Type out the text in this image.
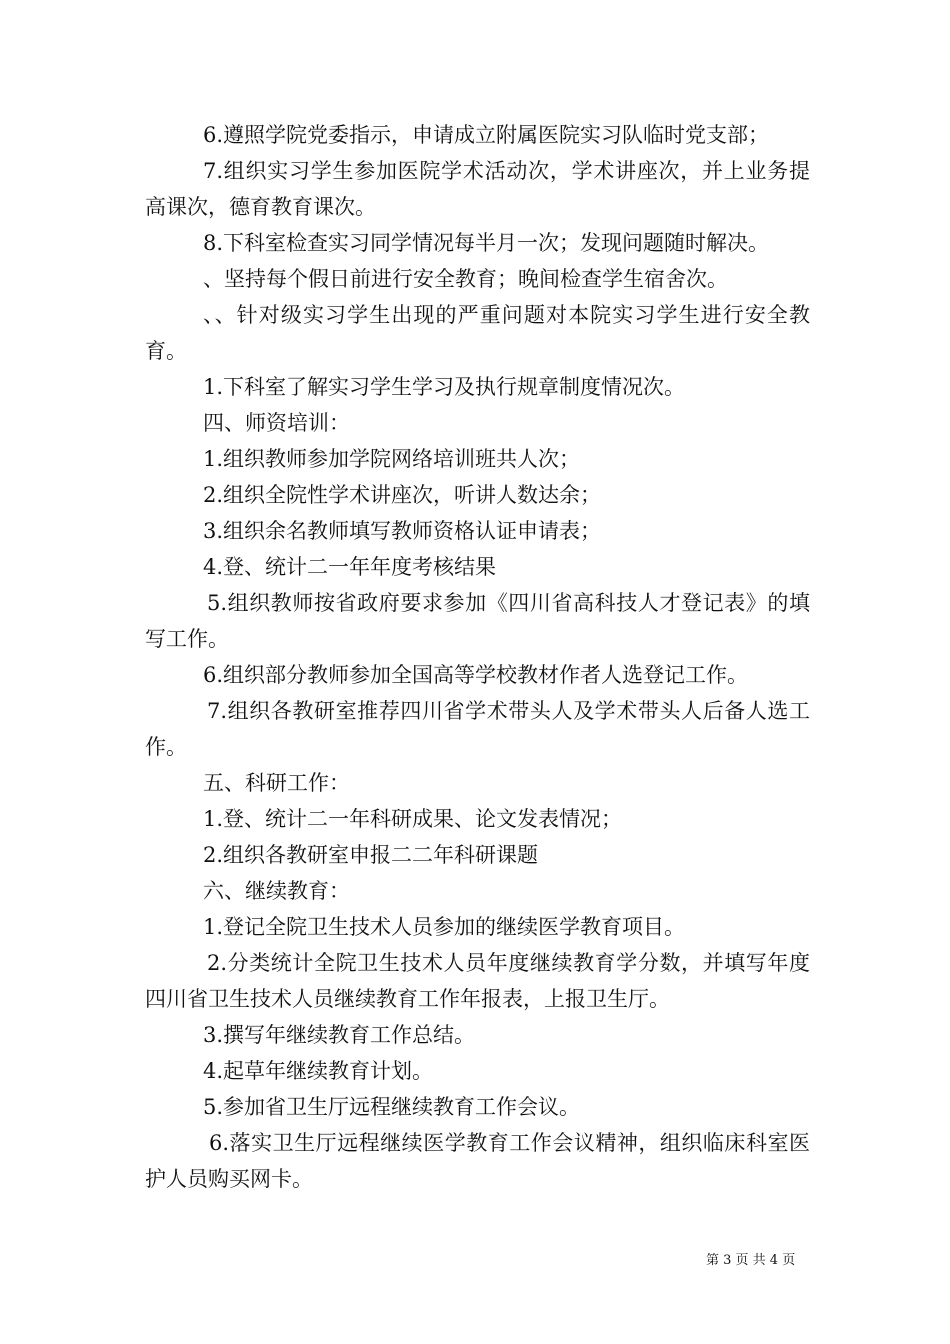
6.遵照学院党委指示，申请成立附属医院实习队临时党支部；

7.组织实习学生参加医院学术活动次，学术讲座次，并上业务提高课次，德育教育课次。

8.下科室检查实习同学情况每半月一次；发现问题随时解决。

、坚持每个假日前进行安全教育；晚间检查学生宿舍次。

、、针对级实习学生出现的严重问题对本院实习学生进行安全教育。

1.下科室了解实习学生学习及执行规章制度情况次。

四、师资培训：

1.组织教师参加学院网络培训班共人次；

2.组织全院性学术讲座次，听讲人数达余；

3.组织余名教师填写教师资格认证申请表；

4.登、统计二一年年度考核结果

5.组织教师按省政府要求参加《四川省高科技人才登记表》的填写工作。

6.组织部分教师参加全国高等学校教材作者人选登记工作。

7.组织各教研室推荐四川省学术带头人及学术带头人后备人选工作。

五、科研工作：

1.登、统计二一年科研成果、论文发表情况；

2.组织各教研室申报二二年科研课题

六、继续教育：

1.登记全院卫生技术人员参加的继续医学教育项目。

2.分类统计全院卫生技术人员年度继续教育学分数，并填写年度四川省卫生技术人员继续教育工作年报表，上报卫生厅。

3.撰写年继续教育工作总结。

4.起草年继续教育计划。

5.参加省卫生厅远程继续教育工作会议。

6.落实卫生厅远程继续医学教育工作会议精神，组织临床科室医护人员购买网卡。

第 3 页 共 4 页
